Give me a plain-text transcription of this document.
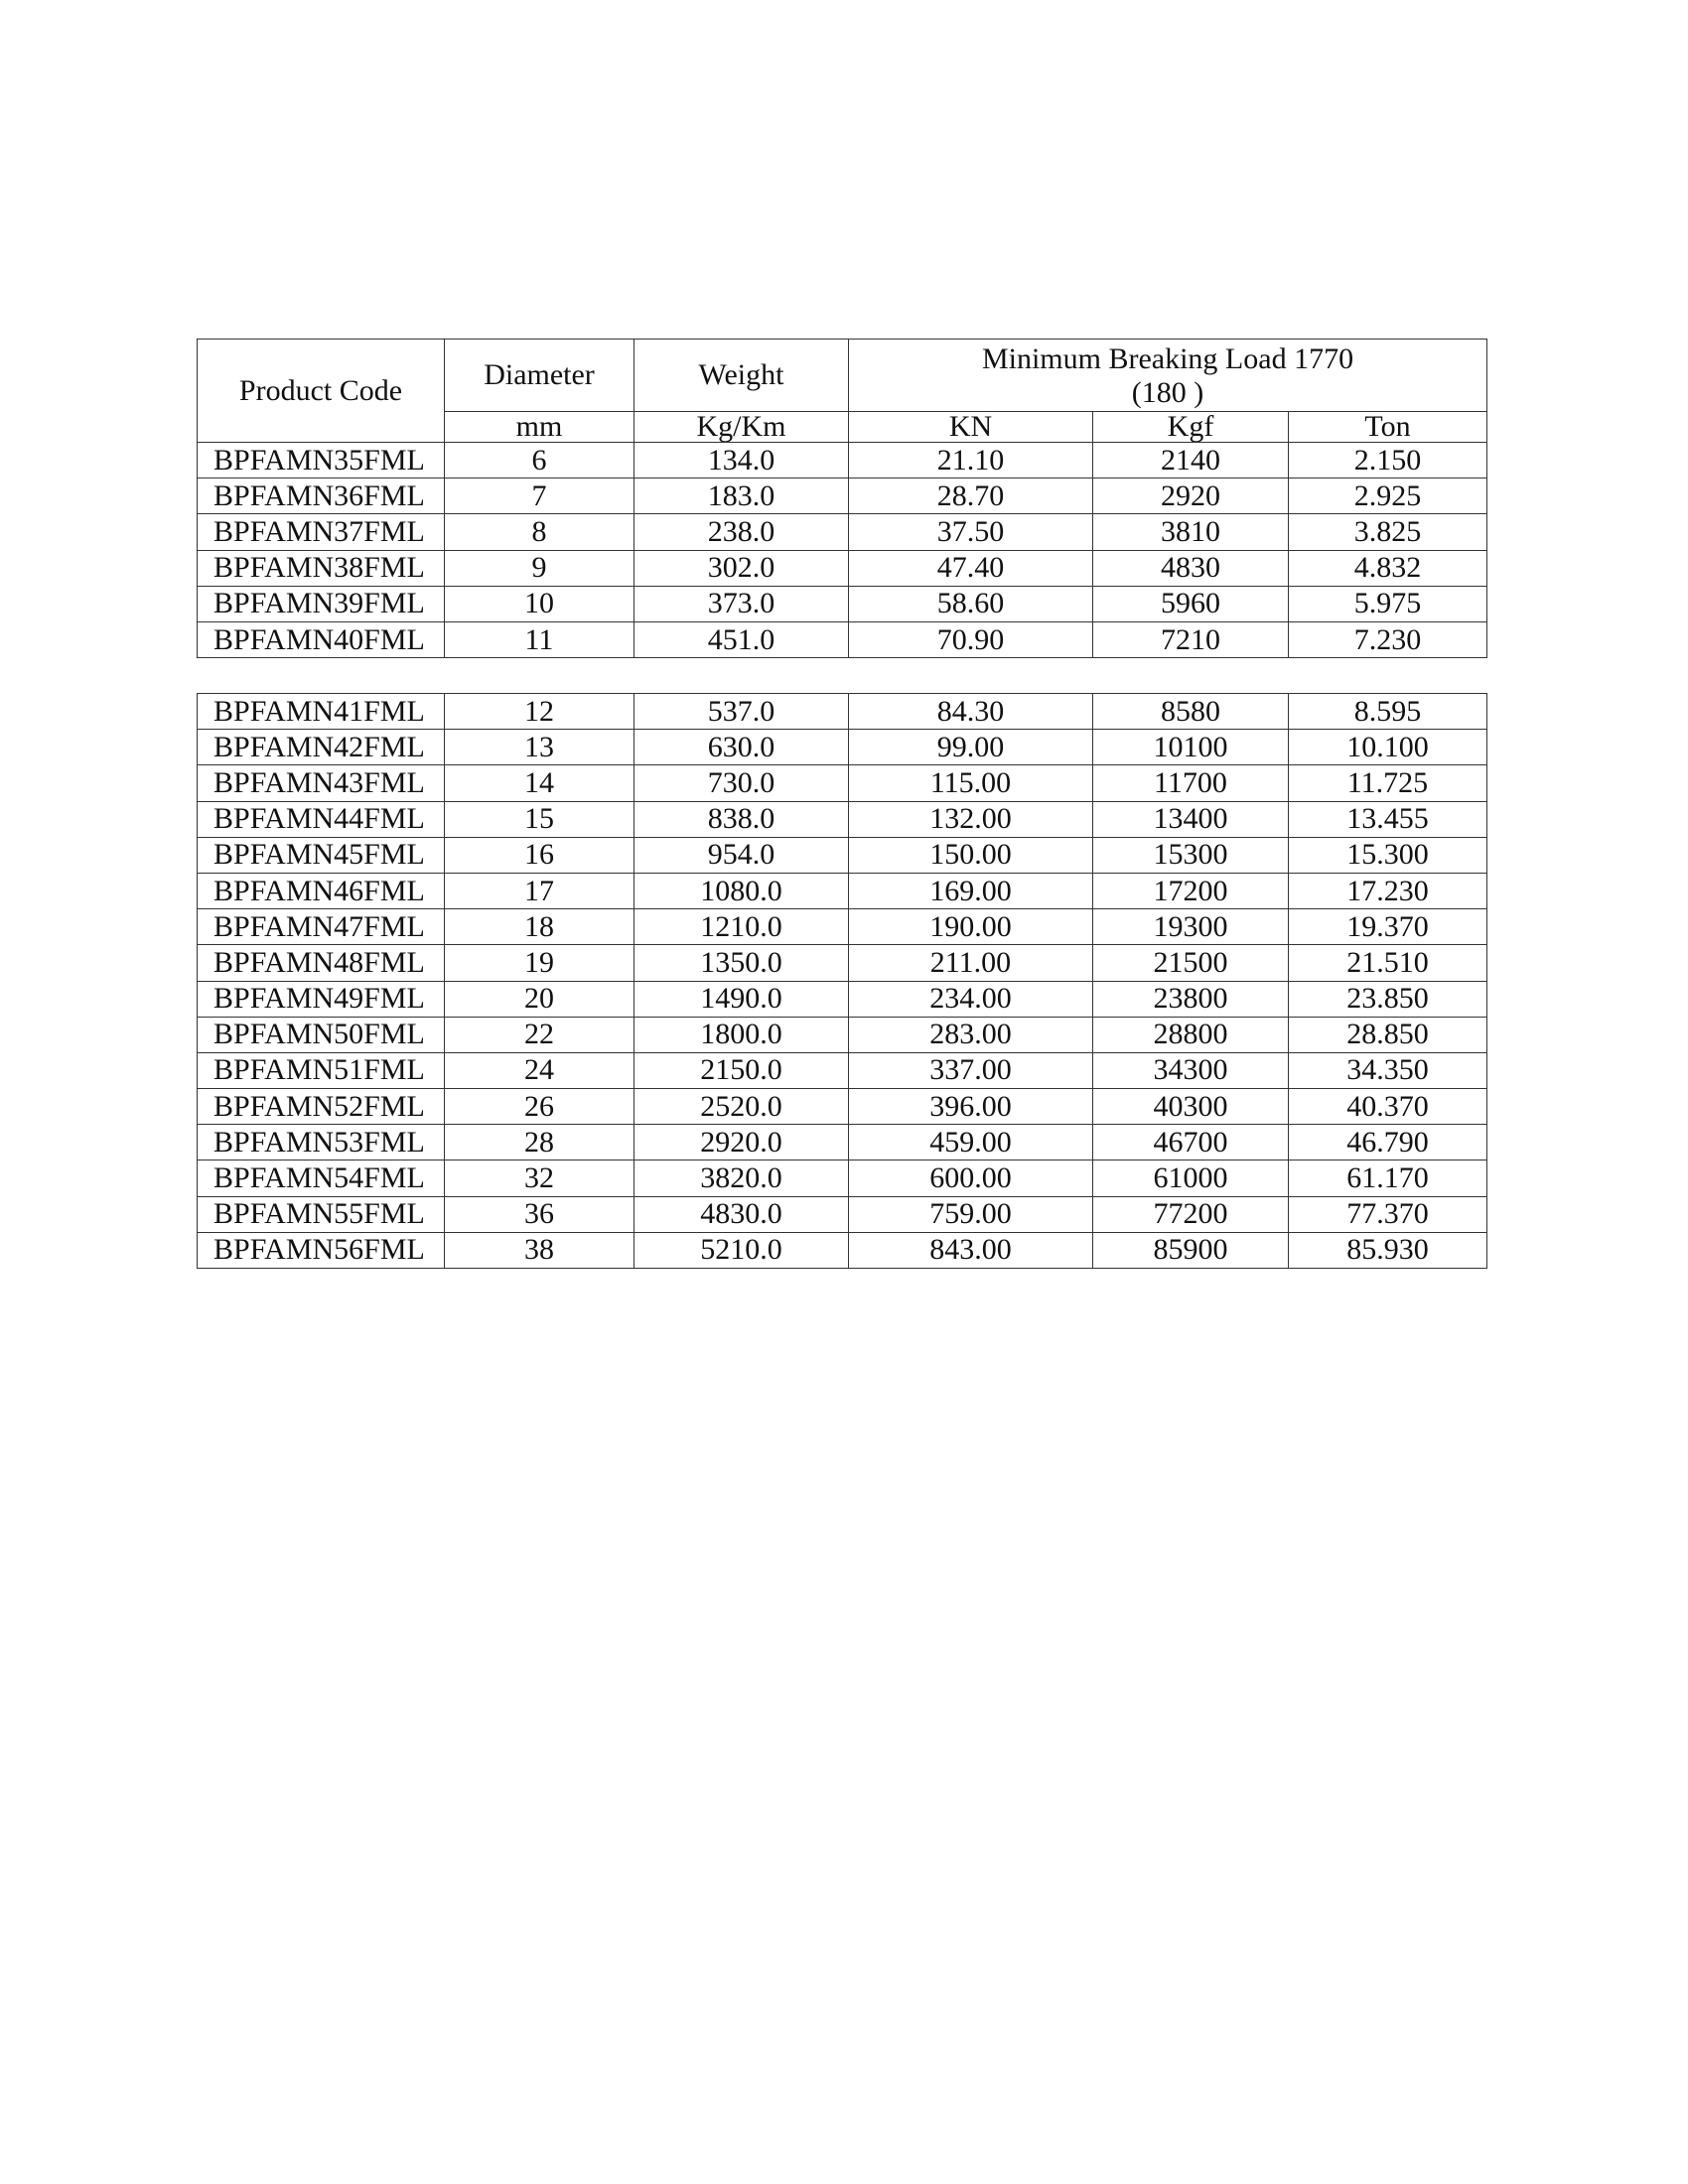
Product Code	Diameter	Weight	Minimum Breaking Load 1770
(180 )		

	mm	Kg/Km	KN	Kgf	Ton
BPFAMN35FML	6	134.0	21.10	2140	2.150
BPFAMN36FML	7	183.0	28.70	2920	2.925
BPFAMN37FML	8	238.0	37.50	3810	3.825
BPFAMN38FML	9	302.0	47.40	4830	4.832
BPFAMN39FML	10	373.0	58.60	5960	5.975
BPFAMN40FML	11	451.0	70.90	7210	7.230
BPFAMN41FML	12	537.0	84.30	8580	8.595
BPFAMN42FML	13	630.0	99.00	10100	10.100
BPFAMN43FML	14	730.0	115.00	11700	11.725
BPFAMN44FML	15	838.0	132.00	13400	13.455
BPFAMN45FML	16	954.0	150.00	15300	15.300
BPFAMN46FML	17	1080.0	169.00	17200	17.230
BPFAMN47FML	18	1210.0	190.00	19300	19.370
BPFAMN48FML	19	1350.0	211.00	21500	21.510
BPFAMN49FML	20	1490.0	234.00	23800	23.850
BPFAMN50FML	22	1800.0	283.00	28800	28.850
BPFAMN51FML	24	2150.0	337.00	34300	34.350
BPFAMN52FML	26	2520.0	396.00	40300	40.370
BPFAMN53FML	28	2920.0	459.00	46700	46.790
BPFAMN54FML	32	3820.0	600.00	61000	61.170
BPFAMN55FML	36	4830.0	759.00	77200	77.370
BPFAMN56FML	38	5210.0	843.00	85900	85.930
